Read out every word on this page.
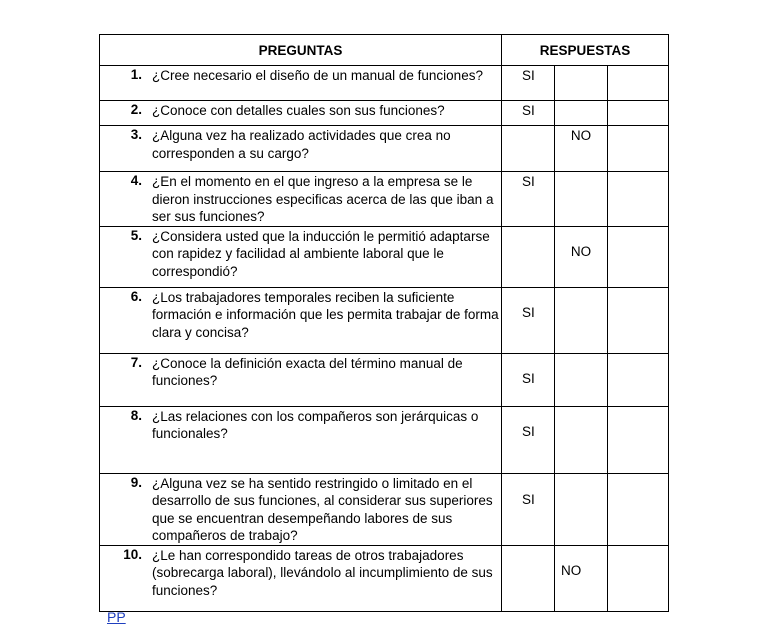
PREGUNTAS	RESPUESTAS		

1. ¿Cree necesario el diseño de un manual de funciones?	SI		

2. ¿Conoce con detalles cuales son sus funciones?	SI		

3. ¿Alguna vez ha realizado actividades que crea no corresponden a su cargo?		NO	

4. ¿En el momento en el que ingreso a la empresa se le dieron instrucciones especificas acerca de las que iban a ser sus funciones?	SI		

5. ¿Considera usted que la inducción le permitió adaptarse con rapidez y facilidad al ambiente laboral que le correspondió?		NO	

6. ¿Los trabajadores temporales reciben la suficiente formación e información que les permita trabajar de forma clara y concisa?	SI		

7. ¿Conoce la definición exacta del término manual de funciones?	SI		

8. ¿Las relaciones con los compañeros son jerárquicas o funcionales?	SI		

9. ¿Alguna vez se ha sentido restringido o limitado en el desarrollo de sus funciones, al considerar sus superiores que se encuentran desempeñando labores de sus compañeros de trabajo?	SI		

10. ¿Le han correspondido tareas de otros trabajadores (sobrecarga laboral), llevándolo al incumplimiento de sus funciones?		NO	

PP
